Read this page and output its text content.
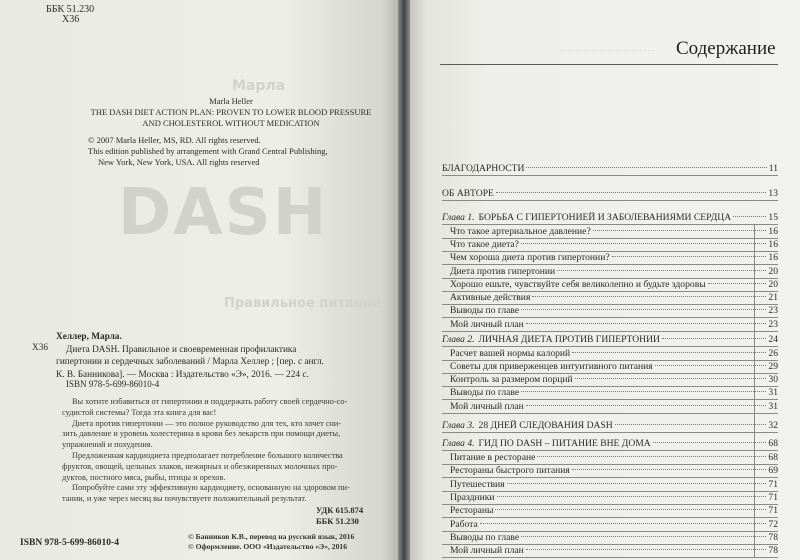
Марла
DASH
Правильное питание
ББК 51.230
Х36
Marla Heller
THE DASH DIET ACTION PLAN: PROVEN TO LOWER BLOOD PRESSURE
AND CHOLESTEROL WITHOUT MEDICATION
© 2007 Marla Heller, MS, RD. All rights reserved.
This edition published by arrangement with Grand Central Publishing,
New York, New York, USA. All rights reserved
Х36
Хеллер, Марла.
Диета DASH. Правильное и своевременная профилактика
гипертонии и сердечных заболеваний / Марла Хеллер ; [пер. с англ.
К. В. Банникова]. — Москва : Издательство «Э», 2016. — 224 с.
ISBN 978-5-699-86010-4

Вы хотите избавиться от гипертонии и поддержать работу своей сердечно-со-

судистой системы? Тогда эта книга для вас!

Диета против гипертонии — это полное руководство для тех, кто хочет сни-

зить давление и уровень холестерина в крови без лекарств при помощи диеты,

упражнений и похудения.

Предложенная кардиодиета предполагает потребление большого количества

фруктов, овощей, цельных злаков, нежирных и обезжиренных молочных про-

дуктов, постного мяса, рыбы, птицы и орехов.

Попробуйте сами эту эффективную кардиодиету, основанную на здоровом пи-

тании, и уже через месяц вы почувствуете положительный результат.

УДК 615.874
ББК 51.230
© Банников К.В., перевод на русский язык, 2016
© Оформление. ООО «Издательство «Э», 2016
ISBN 978-5-699-86010-4
. . . . . . . . . . . . . . . . . . . . . . . . Содержание
БЛАГОДАРНОСТИ	11
ОБ АВТОРЕ	13
Глава 1. БОРЬБА С ГИПЕРТОНИЕЙ И ЗАБОЛЕВАНИЯМИ СЕРДЦА	15
Что такое артериальное давление?	16
Что такое диета?	16
Чем хороша диета против гипертонии?	16
Диета против гипертонии	20
Хорошо ешьте, чувствуйте себя великолепно и будьте здоровы	20
Активные действия	21
Выводы по главе	23
Мой личный план	23
Глава 2. ЛИЧНАЯ ДИЕТА ПРОТИВ ГИПЕРТОНИИ	24
Расчет вашей нормы калорий	26
Советы для приверженцев интуитивного питания	29
Контроль за размером порций	30
Выводы по главе	31
Мой личный план	31
Глава 3. 28 ДНЕЙ СЛЕДОВАНИЯ DASH	32
Глава 4. ГИД ПО DASH – ПИТАНИЕ ВНЕ ДОМА	68
Питание в ресторане	68
Рестораны быстрого питания	69
Путешествия	71
Праздники	71
Рестораны	71
Работа	72
Выводы по главе	78
Мой личный план	78
